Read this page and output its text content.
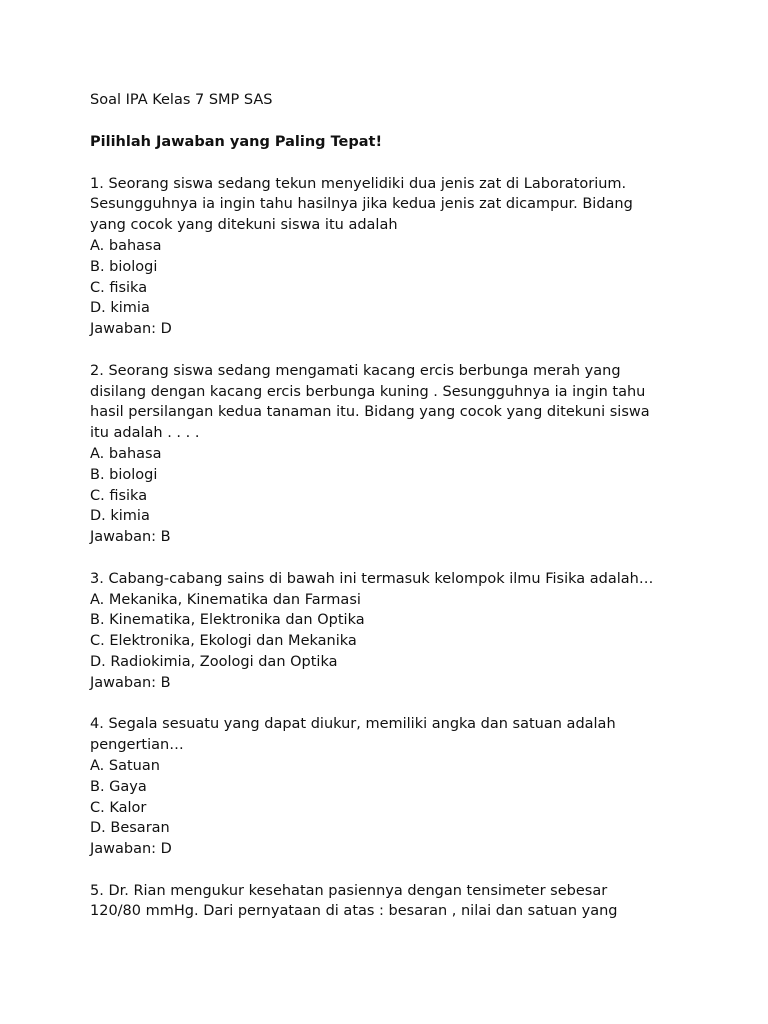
Soal IPA Kelas 7 SMP SAS
Pilihlah Jawaban yang Paling Tepat!
1. Seorang siswa sedang tekun menyelidiki dua jenis zat di Laboratorium.
Sesungguhnya ia ingin tahu hasilnya jika kedua jenis zat dicampur. Bidang
yang cocok yang ditekuni siswa itu adalah
A. bahasa
B. biologi
C. fisika
D. kimia
Jawaban: D
2. Seorang siswa sedang mengamati kacang ercis berbunga merah yang
disilang dengan kacang ercis berbunga kuning . Sesungguhnya ia ingin tahu
hasil persilangan kedua tanaman itu. Bidang yang cocok yang ditekuni siswa
itu adalah . . . .
A. bahasa
B. biologi
C. fisika
D. kimia
Jawaban: B
3. Cabang-cabang sains di bawah ini termasuk kelompok ilmu Fisika adalah…
A. Mekanika, Kinematika dan Farmasi
B. Kinematika, Elektronika dan Optika
C. Elektronika, Ekologi dan Mekanika
D. Radiokimia, Zoologi dan Optika
Jawaban: B
4. Segala sesuatu yang dapat diukur, memiliki angka dan satuan adalah
pengertian…
A. Satuan
B. Gaya
C. Kalor
D. Besaran
Jawaban: D
5. Dr. Rian mengukur kesehatan pasiennya dengan tensimeter sebesar
120/80 mmHg. Dari pernyataan di atas : besaran , nilai dan satuan yang
